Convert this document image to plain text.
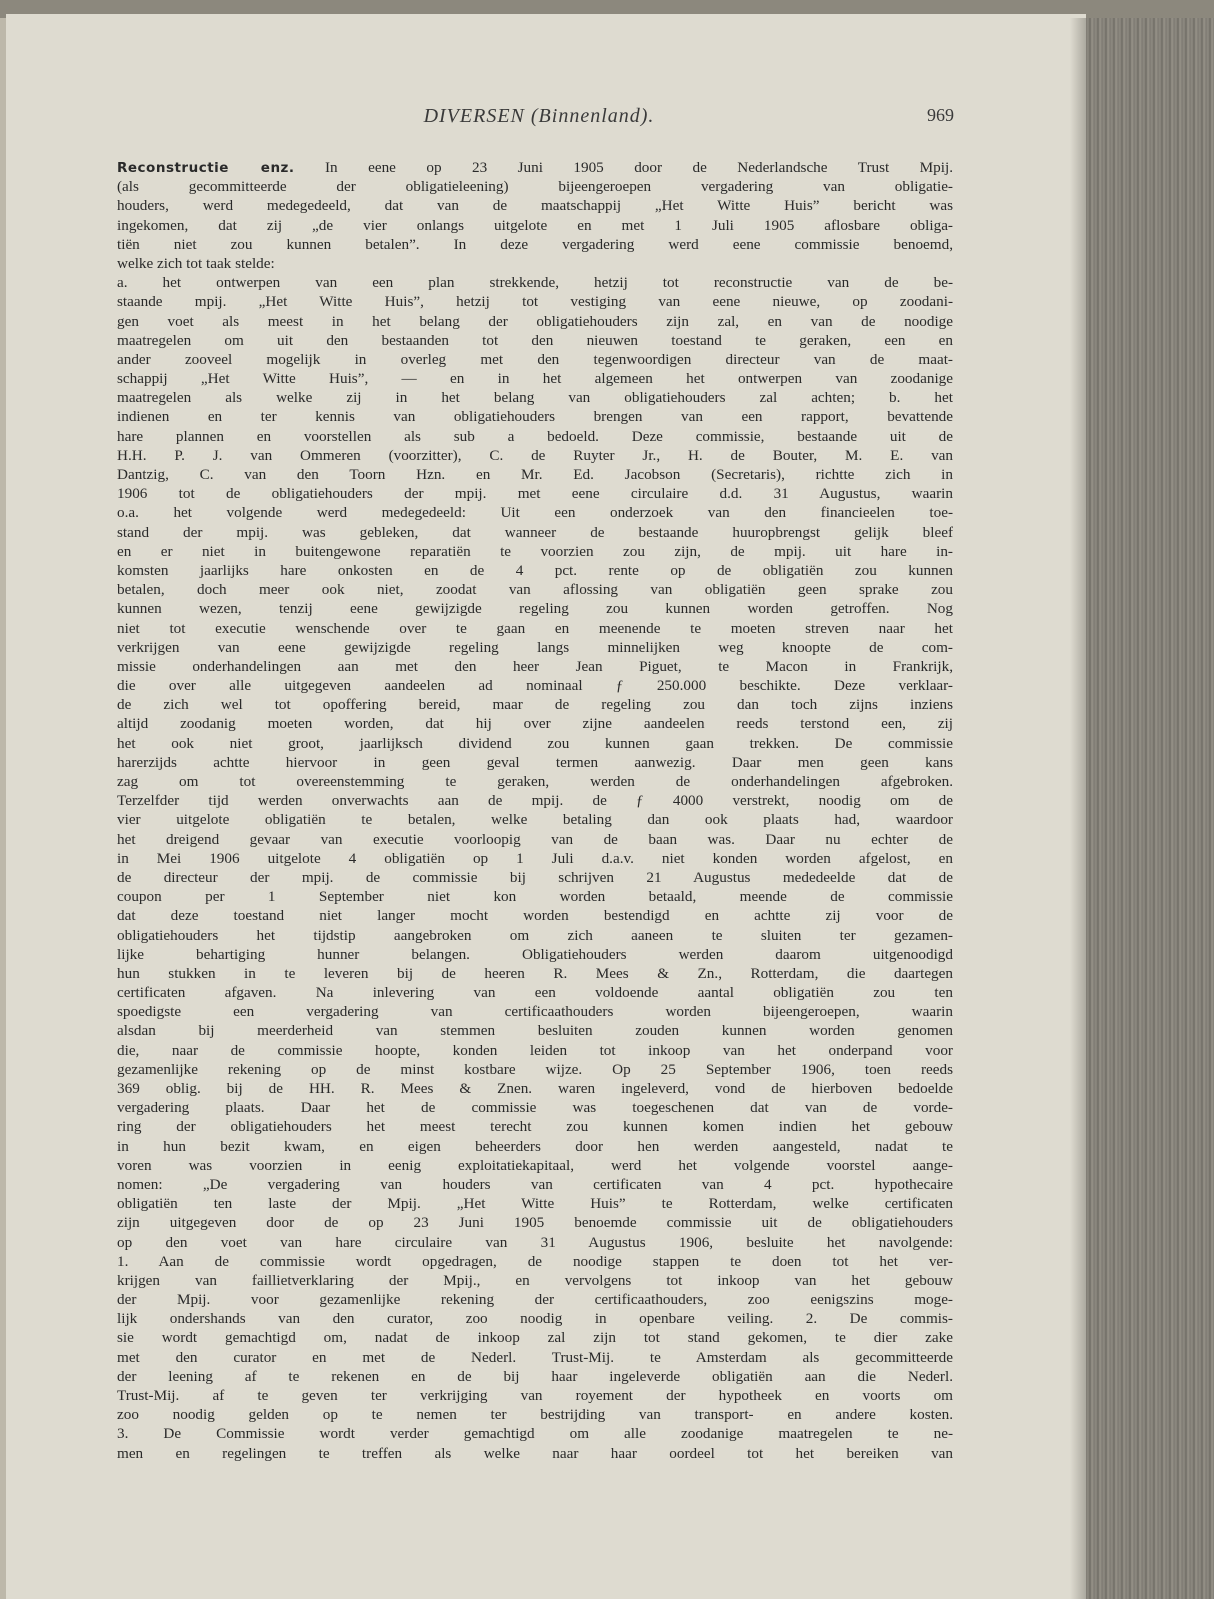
DIVERSEN (Binnenland).	969
Reconstructie enz. In eene op 23 Juni 1905 door de Nederlandsche Trust Mpij.
(als gecommitteerde der obligatieleening) bijeengeroepen vergadering van obligatie-
houders, werd medegedeeld, dat van de maatschappij „Het Witte Huis” bericht was
ingekomen, dat zij „de vier onlangs uitgelote en met 1 Juli 1905 aflosbare obliga-
tiën niet zou kunnen betalen”. In deze vergadering werd eene commissie benoemd,
welke zich tot taak stelde:
a. het ontwerpen van een plan strekkende, hetzij tot reconstructie van de be-
staande mpij. „Het Witte Huis”, hetzij tot vestiging van eene nieuwe, op zoodani-
gen voet als meest in het belang der obligatiehouders zijn zal, en van de noodige
maatregelen om uit den bestaanden tot den nieuwen toestand te geraken, een en
ander zooveel mogelijk in overleg met den tegenwoordigen directeur van de maat-
schappij „Het Witte Huis”, — en in het algemeen het ontwerpen van zoodanige
maatregelen als welke zij in het belang van obligatiehouders zal achten; b. het
indienen en ter kennis van obligatiehouders brengen van een rapport, bevattende
hare plannen en voorstellen als sub a bedoeld. Deze commissie, bestaande uit de
H.H. P. J. van Ommeren (voorzitter), C. de Ruyter Jr., H. de Bouter, M. E. van
Dantzig, C. van den Toorn Hzn. en Mr. Ed. Jacobson (Secretaris), richtte zich in
1906 tot de obligatiehouders der mpij. met eene circulaire d.d. 31 Augustus, waarin
o.a. het volgende werd medegedeeld: Uit een onderzoek van den financieelen toe-
stand der mpij. was gebleken, dat wanneer de bestaande huuropbrengst gelijk bleef
en er niet in buitengewone reparatiën te voorzien zou zijn, de mpij. uit hare in-
komsten jaarlijks hare onkosten en de 4 pct. rente op de obligatiën zou kunnen
betalen, doch meer ook niet, zoodat van aflossing van obligatiën geen sprake zou
kunnen wezen, tenzij eene gewijzigde regeling zou kunnen worden getroffen. Nog
niet tot executie wenschende over te gaan en meenende te moeten streven naar het
verkrijgen van eene gewijzigde regeling langs minnelijken weg knoopte de com-
missie onderhandelingen aan met den heer Jean Piguet, te Macon in Frankrijk,
die over alle uitgegeven aandeelen ad nominaal ƒ 250.000 beschikte. Deze verklaar-
de zich wel tot opoffering bereid, maar de regeling zou dan toch zijns inziens
altijd zoodanig moeten worden, dat hij over zijne aandeelen reeds terstond een, zij
het ook niet groot, jaarlijksch dividend zou kunnen gaan trekken. De commissie
harerzijds achtte hiervoor in geen geval termen aanwezig. Daar men geen kans
zag om tot overeenstemming te geraken, werden de onderhandelingen afgebroken.
Terzelfder tijd werden onverwachts aan de mpij. de ƒ 4000 verstrekt, noodig om de
vier uitgelote obligatiën te betalen, welke betaling dan ook plaats had, waardoor
het dreigend gevaar van executie voorloopig van de baan was. Daar nu echter de
in Mei 1906 uitgelote 4 obligatiën op 1 Juli d.a.v. niet konden worden afgelost, en
de directeur der mpij. de commissie bij schrijven 21 Augustus mededeelde dat de
coupon per 1 September niet kon worden betaald, meende de commissie
dat deze toestand niet langer mocht worden bestendigd en achtte zij voor de
obligatiehouders het tijdstip aangebroken om zich aaneen te sluiten ter gezamen-
lijke behartiging hunner belangen. Obligatiehouders werden daarom uitgenoodigd
hun stukken in te leveren bij de heeren R. Mees & Zn., Rotterdam, die daartegen
certificaten afgaven. Na inlevering van een voldoende aantal obligatiën zou ten
spoedigste een vergadering van certificaathouders worden bijeengeroepen, waarin
alsdan bij meerderheid van stemmen besluiten zouden kunnen worden genomen
die, naar de commissie hoopte, konden leiden tot inkoop van het onderpand voor
gezamenlijke rekening op de minst kostbare wijze. Op 25 September 1906, toen reeds
369 oblig. bij de HH. R. Mees & Znen. waren ingeleverd, vond de hierboven bedoelde
vergadering plaats. Daar het de commissie was toegeschenen dat van de vorde-
ring der obligatiehouders het meest terecht zou kunnen komen indien het gebouw
in hun bezit kwam, en eigen beheerders door hen werden aangesteld, nadat te
voren was voorzien in eenig exploitatiekapitaal, werd het volgende voorstel aange-
nomen: „De vergadering van houders van certificaten van 4 pct. hypothecaire
obligatiën ten laste der Mpij. „Het Witte Huis” te Rotterdam, welke certificaten
zijn uitgegeven door de op 23 Juni 1905 benoemde commissie uit de obligatiehouders
op den voet van hare circulaire van 31 Augustus 1906, besluite het navolgende:
1. Aan de commissie wordt opgedragen, de noodige stappen te doen tot het ver-
krijgen van faillietverklaring der Mpij., en vervolgens tot inkoop van het gebouw
der Mpij. voor gezamenlijke rekening der certificaathouders, zoo eenigszins moge-
lijk ondershands van den curator, zoo noodig in openbare veiling. 2. De commis-
sie wordt gemachtigd om, nadat de inkoop zal zijn tot stand gekomen, te dier zake
met den curator en met de Nederl. Trust-Mij. te Amsterdam als gecommitteerde
der leening af te rekenen en de bij haar ingeleverde obligatiën aan die Nederl.
Trust-Mij. af te geven ter verkrijging van royement der hypotheek en voorts om
zoo noodig gelden op te nemen ter bestrijding van transport- en andere kosten.
3. De Commissie wordt verder gemachtigd om alle zoodanige maatregelen te ne-
men en regelingen te treffen als welke naar haar oordeel tot het bereiken van
